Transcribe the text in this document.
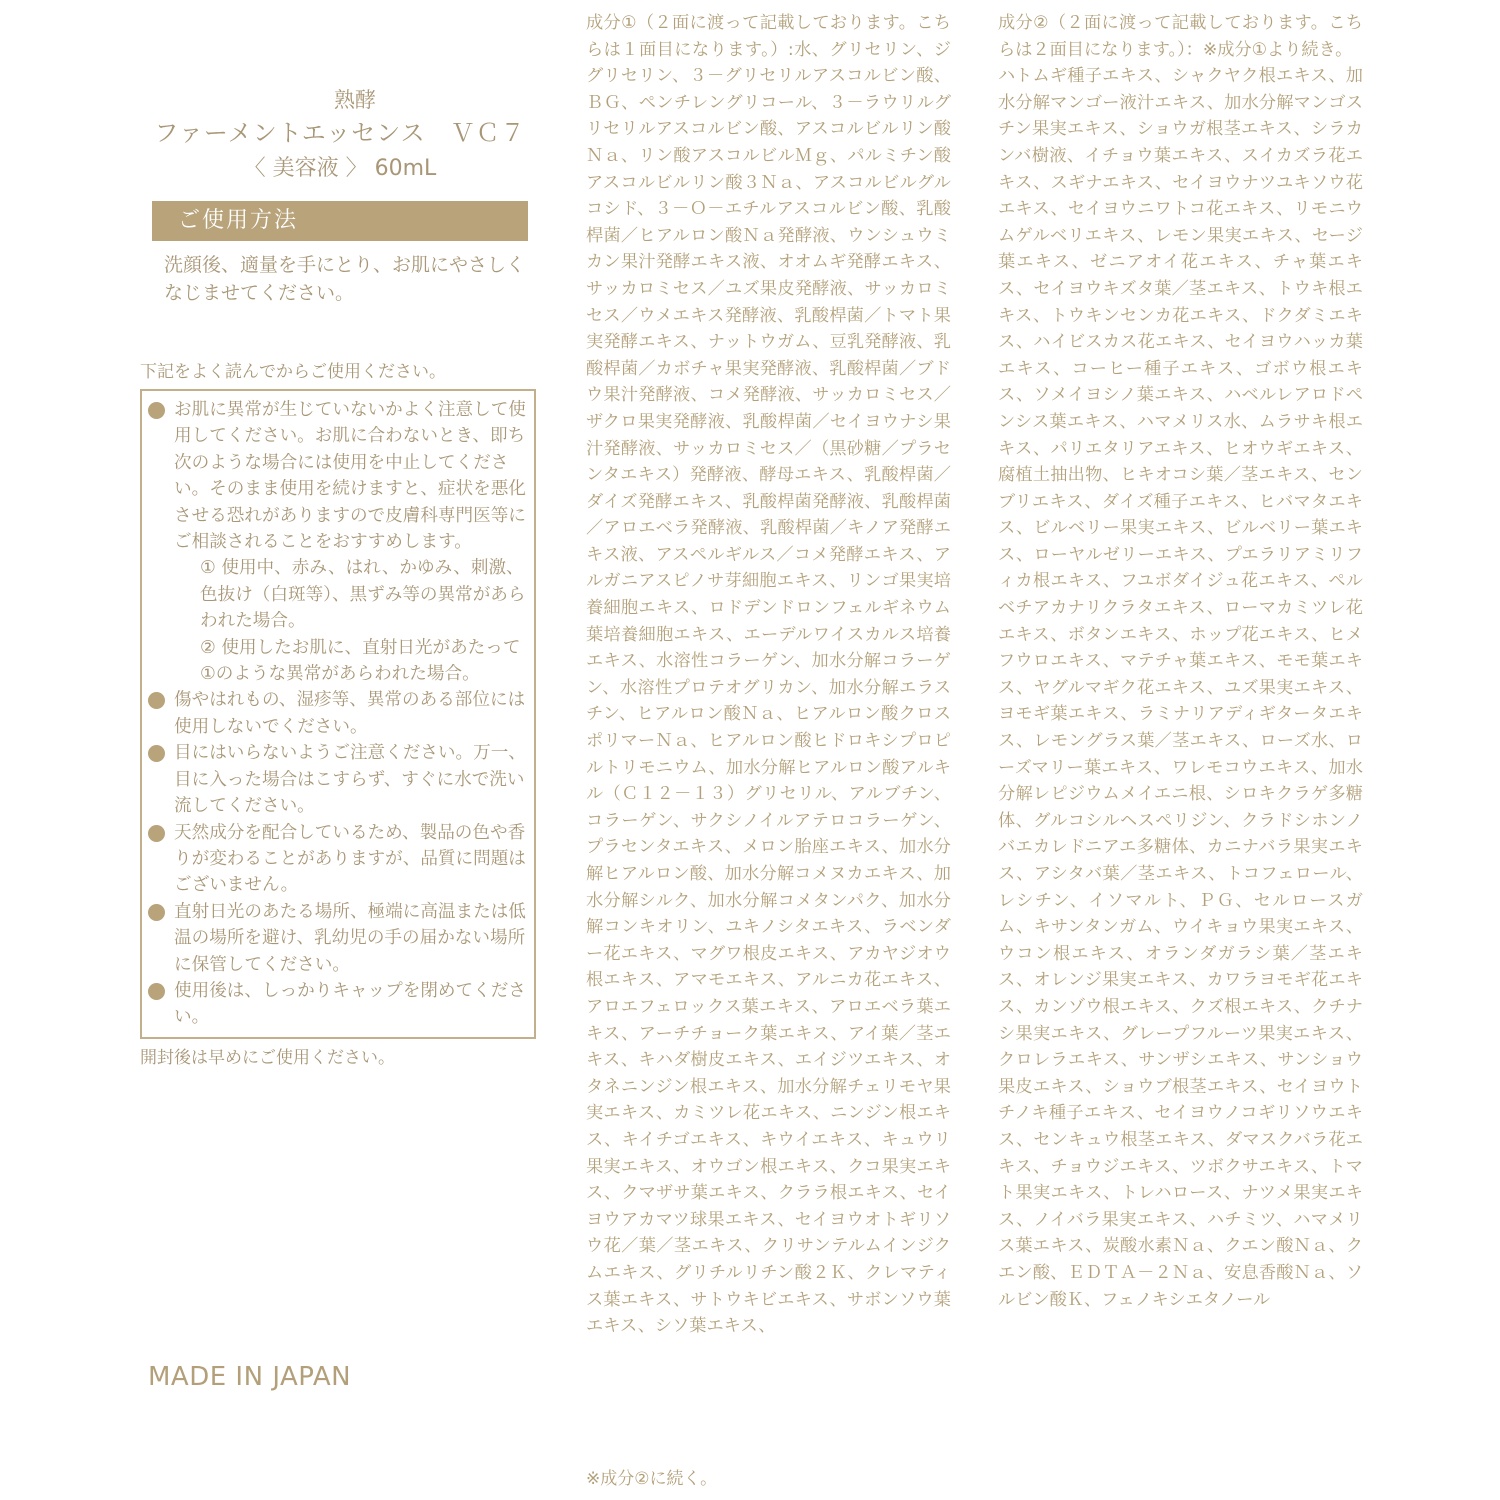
熟酵
ファーメントエッセンス　ＶＣ７
〈 美容液 〉 60mL
ご使用方法
洗顔後、適量を手にとり、お肌にやさしくなじませてください。
下記をよく読んでからご使用ください。
お肌に異常が生じていないかよく注意して使用してください。お肌に合わないとき、即ち次のような場合には使用を中止してください。そのまま使用を続けますと、症状を悪化させる恐れがありますので皮膚科専門医等にご相談されることをおすすめします。
① 使用中、赤み、はれ、かゆみ、刺激、色抜け（白斑等）、黒ずみ等の異常があらわれた場合。
② 使用したお肌に、直射日光があたって①のような異常があらわれた場合。
傷やはれもの、湿疹等、異常のある部位には使用しないでください。
目にはいらないようご注意ください。万一、目に入った場合はこすらず、すぐに水で洗い流してください。
天然成分を配合しているため、製品の色や香りが変わることがありますが、品質に問題はございません。
直射日光のあたる場所、極端に高温または低温の場所を避け、乳幼児の手の届かない場所に保管してください。
使用後は、しっかりキャップを閉めてください。
開封後は早めにご使用ください。
MADE IN JAPAN
成分①（２面に渡って記載しております。こちらは１面目になります。）:水、グリセリン、ジグリセリン、３－グリセリルアスコルビン酸、ＢＧ、ペンチレングリコール、３－ラウリルグリセリルアスコルビン酸、アスコルビルリン酸Ｎａ、リン酸アスコルビルＭｇ、パルミチン酸アスコルビルリン酸３Ｎａ、アスコルビルグルコシド、３－Ｏ－エチルアスコルビン酸、乳酸桿菌／ヒアルロン酸Ｎａ発酵液、ウンシュウミカン果汁発酵エキス液、オオムギ発酵エキス、サッカロミセス／ユズ果皮発酵液、サッカロミセス／ウメエキス発酵液、乳酸桿菌／トマト果実発酵エキス、ナットウガム、豆乳発酵液、乳酸桿菌／カボチャ果実発酵液、乳酸桿菌／ブドウ果汁発酵液、コメ発酵液、サッカロミセス／ザクロ果実発酵液、乳酸桿菌／セイヨウナシ果汁発酵液、サッカロミセス／（黒砂糖／プラセンタエキス）発酵液、酵母エキス、乳酸桿菌／ダイズ発酵エキス、乳酸桿菌発酵液、乳酸桿菌／アロエベラ発酵液、乳酸桿菌／キノア発酵エキス液、アスペルギルス／コメ発酵エキス、アルガニアスピノサ芽細胞エキス、リンゴ果実培養細胞エキス、ロドデンドロンフェルギネウム葉培養細胞エキス、エーデルワイスカルス培養エキス、水溶性コラーゲン、加水分解コラーゲン、水溶性プロテオグリカン、加水分解エラスチン、ヒアルロン酸Ｎａ、ヒアルロン酸クロスポリマーＮａ、ヒアルロン酸ヒドロキシプロピルトリモニウム、加水分解ヒアルロン酸アルキル（Ｃ１２－１３）グリセリル、アルブチン、コラーゲン、サクシノイルアテロコラーゲン、プラセンタエキス、メロン胎座エキス、加水分解ヒアルロン酸、加水分解コメヌカエキス、加水分解シルク、加水分解コメタンパク、加水分解コンキオリン、ユキノシタエキス、ラベンダー花エキス、マグワ根皮エキス、アカヤジオウ根エキス、アマモエキス、アルニカ花エキス、アロエフェロックス葉エキス、アロエベラ葉エキス、アーチチョーク葉エキス、アイ葉／茎エキス、キハダ樹皮エキス、エイジツエキス、オタネニンジン根エキス、加水分解チェリモヤ果実エキス、カミツレ花エキス、ニンジン根エキス、キイチゴエキス、キウイエキス、キュウリ果実エキス、オウゴン根エキス、クコ果実エキス、クマザサ葉エキス、クララ根エキス、セイヨウアカマツ球果エキス、セイヨウオトギリソウ花／葉／茎エキス、クリサンテルムインジクムエキス、グリチルリチン酸２Ｋ、クレマティス葉エキス、サトウキビエキス、サボンソウ葉エキス、シソ葉エキス、
※成分②に続く。
成分②（２面に渡って記載しております。こちらは２面目になります。）：※成分①より続き。
ハトムギ種子エキス、シャクヤク根エキス、加水分解マンゴー液汁エキス、加水分解マンゴスチン果実エキス、ショウガ根茎エキス、シラカンバ樹液、イチョウ葉エキス、スイカズラ花エキス、スギナエキス、セイヨウナツユキソウ花エキス、セイヨウニワトコ花エキス、リモニウムゲルベリエキス、レモン果実エキス、セージ葉エキス、ゼニアオイ花エキス、チャ葉エキス、セイヨウキズタ葉／茎エキス、トウキ根エキス、トウキンセンカ花エキス、ドクダミエキス、ハイビスカス花エキス、セイヨウハッカ葉エキス、コーヒー種子エキス、ゴボウ根エキス、ソメイヨシノ葉エキス、ハベルレアロドペンシス葉エキス、ハマメリス水、ムラサキ根エキス、パリエタリアエキス、ヒオウギエキス、腐植土抽出物、ヒキオコシ葉／茎エキス、センブリエキス、ダイズ種子エキス、ヒバマタエキス、ビルベリー果実エキス、ビルベリー葉エキス、ローヤルゼリーエキス、プエラリアミリフィカ根エキス、フユボダイジュ花エキス、ペルベチアカナリクラタエキス、ローマカミツレ花エキス、ボタンエキス、ホップ花エキス、ヒメフウロエキス、マテチャ葉エキス、モモ葉エキス、ヤグルマギク花エキス、ユズ果実エキス、ヨモギ葉エキス、ラミナリアディギタータエキス、レモングラス葉／茎エキス、ローズ水、ローズマリー葉エキス、ワレモコウエキス、加水分解レピジウムメイエニ根、シロキクラゲ多糖体、グルコシルヘスペリジン、クラドシホンノバエカレドニアエ多糖体、カニナバラ果実エキス、アシタバ葉／茎エキス、トコフェロール、レシチン、イソマルト、ＰＧ、セルロースガム、キサンタンガム、ウイキョウ果実エキス、ウコン根エキス、オランダガラシ葉／茎エキス、オレンジ果実エキス、カワラヨモギ花エキス、カンゾウ根エキス、クズ根エキス、クチナシ果実エキス、グレープフルーツ果実エキス、クロレラエキス、サンザシエキス、サンショウ果皮エキス、ショウブ根茎エキス、セイヨウトチノキ種子エキス、セイヨウノコギリソウエキス、センキュウ根茎エキス、ダマスクバラ花エキス、チョウジエキス、ツボクサエキス、トマト果実エキス、トレハロース、ナツメ果実エキス、ノイバラ果実エキス、ハチミツ、ハマメリス葉エキス、炭酸水素Ｎａ、クエン酸Ｎａ、クエン酸、ＥＤＴＡ－２Ｎａ、安息香酸Ｎａ、ソルビン酸Ｋ、フェノキシエタノール
